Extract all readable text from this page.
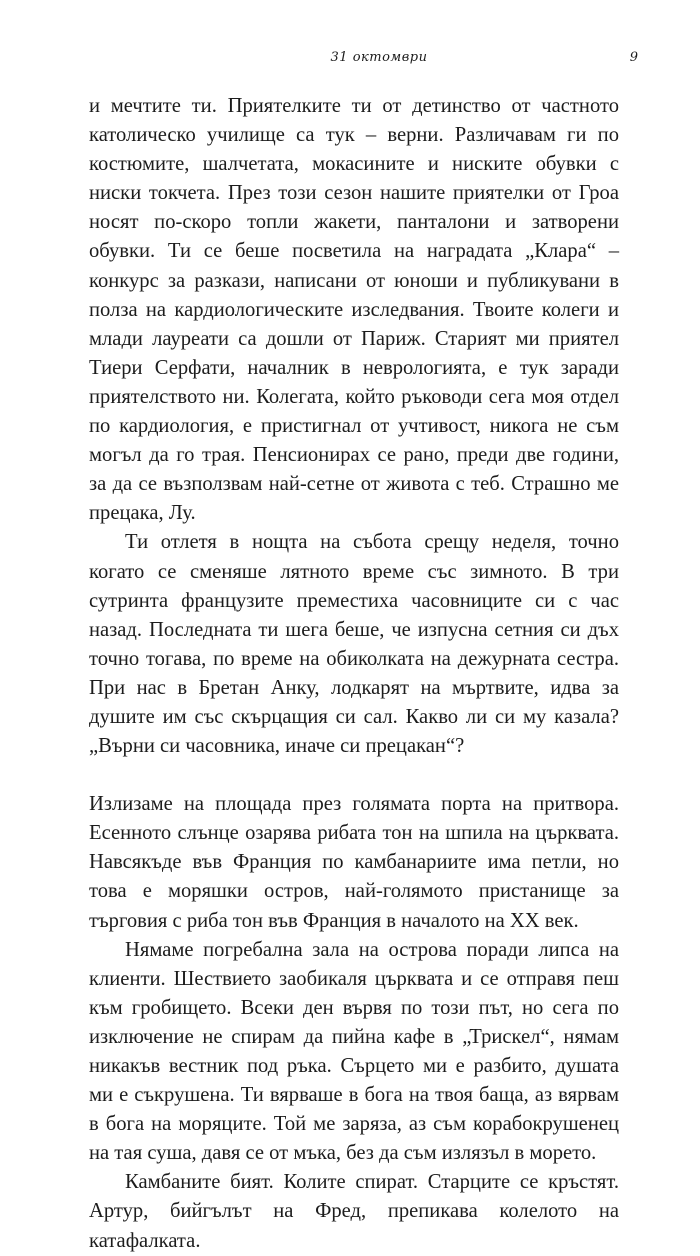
31 октомври	9

и мечтите ти. Приятелките ти от детинство от частното католическо училище са тук – верни. Различавам ги по костюмите, шалчетата, мокасините и ниските обувки с ниски токчета. През този сезон нашите приятелки от Гроа носят по-скоро топли жакети, панталони и затворени обувки. Ти се беше посветила на наградата „Клара“ – конкурс за разкази, написани от юноши и публикувани в полза на кардиологическите изследвания. Твоите колеги и млади лауреати са дошли от Париж. Старият ми приятел Тиери Серфати, началник в неврологията, е тук заради приятелството ни. Колегата, който ръководи сега моя отдел по кардиология, е пристигнал от учтивост, никога не съм могъл да го трая. Пенсионирах се рано, преди две години, за да се възползвам най-сетне от живота с теб. Страшно ме прецака, Лу.

Ти отлетя в нощта на събота срещу неделя, точно когато се сменяше лятното време със зимното. В три сутринта французите преместиха часовниците си с час назад. Последната ти шега беше, че изпусна сетния си дъх точно тогава, по време на обиколката на дежурната сестра. При нас в Бретан Анку, лодкарят на мъртвите, идва за душите им със скърцащия си сал. Какво ли си му казала? „Върни си часовника, иначе си прецакан“?

Излизаме на площада през голямата порта на притвора. Есенното слънце озарява рибата тон на шпила на църквата. Навсякъде във Франция по камбанариите има петли, но това е моряшки остров, най-голямото пристанище за търговия с риба тон във Франция в началото на XX век.

Нямаме погребална зала на острова поради липса на клиенти. Шествието заобикаля църквата и се отправя пеш към гробището. Всеки ден вървя по този път, но сега по изключение не спирам да пийна кафе в „Трискел“, нямам никакъв вестник под ръка. Сърцето ми е разбито, душата ми е съкрушена. Ти вярваше в бога на твоя баща, аз вярвам в бога на моряците. Той ме заряза, аз съм корабокрушенец на тая суша, давя се от мъка, без да съм излязъл в морето.

Камбаните бият. Колите спират. Старците се кръстят. Артур, бийгълът на Фред, препикава колелото на катафалката.
